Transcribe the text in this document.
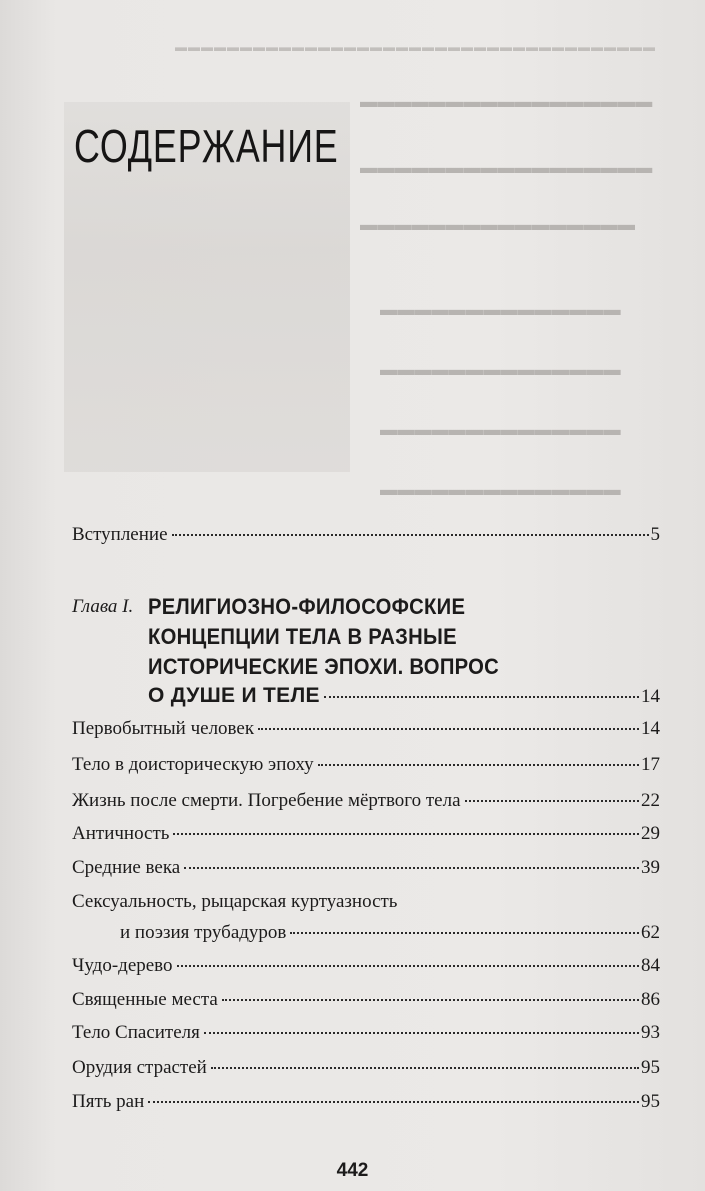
▬▬▬▬▬▬▬▬▬▬▬▬▬▬▬▬▬▬▬▬▬▬▬▬▬▬▬▬▬▬▬▬▬▬▬▬▬
▬▬▬▬▬▬▬▬▬▬▬▬▬▬▬▬▬
▬▬▬▬▬▬▬▬▬▬▬▬▬▬▬▬▬
▬▬▬▬▬▬▬▬▬▬▬▬▬▬▬▬
▬▬▬▬▬▬▬▬▬▬▬▬▬▬
▬▬▬▬▬▬▬▬▬▬▬▬▬▬
▬▬▬▬▬▬▬▬▬▬▬▬▬▬
▬▬▬▬▬▬▬▬▬▬▬▬▬▬
СОДЕРЖАНИЕ
Вступление	5
Глава I. РЕЛИГИОЗНО-ФИЛОСОФСКИЕ
КОНЦЕПЦИИ ТЕЛА В РАЗНЫЕ
ИСТОРИЧЕСКИЕ ЭПОХИ. ВОПРОС
О ДУШЕ И ТЕЛЕ	14
Первобытный человек	14
Тело в доисторическую эпоху	17
Жизнь после смерти. Погребение мёртвого тела	22
Античность	29
Средние века	39
Сексуальность, рыцарская куртуазность
и поэзия трубадуров	62
Чудо-дерево	84
Священные места	86
Тело Спасителя	93
Орудия страстей	95
Пять ран	95
442
